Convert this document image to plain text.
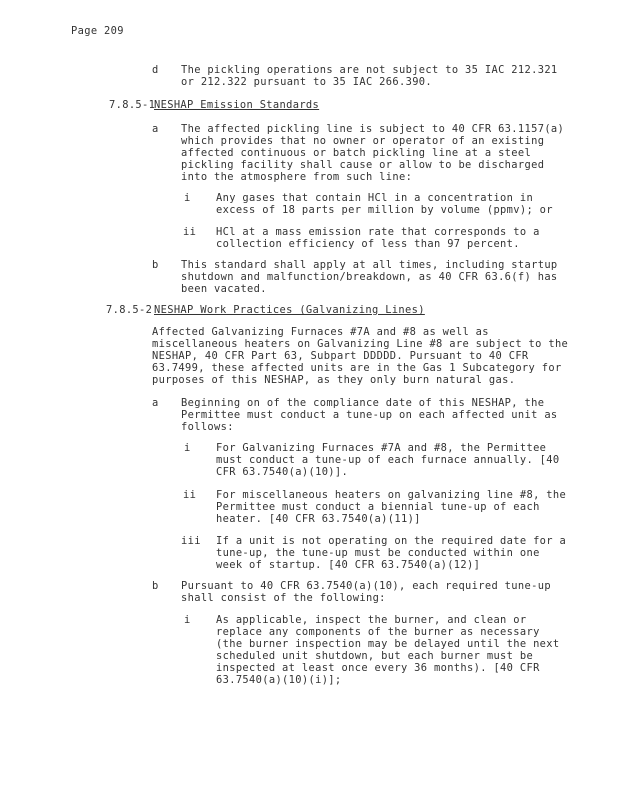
Page 209
d The pickling operations are not subject to 35 IAC 212.321
or 212.322 pursuant to 35 IAC 266.390.
7.8.5-1
NESHAP Emission Standards
a The affected pickling line is subject to 40 CFR 63.1157(a)
which provides that no owner or operator of an existing
affected continuous or batch pickling line at a steel
pickling facility shall cause or allow to be discharged
into the atmosphere from such line:
i Any gases that contain HCl in a concentration in
excess of 18 parts per million by volume (ppmv); or
ii HCl at a mass emission rate that corresponds to a
collection efficiency of less than 97 percent.
b This standard shall apply at all times, including startup
shutdown and malfunction/breakdown, as 40 CFR 63.6(f) has
been vacated.
7.8.5-2 NESHAP Work Practices (Galvanizing Lines)
Affected Galvanizing Furnaces #7A and #8 as well as
miscellaneous heaters on Galvanizing Line #8 are subject to the
NESHAP, 40 CFR Part 63, Subpart DDDDD. Pursuant to 40 CFR
63.7499, these affected units are in the Gas 1 Subcategory for
purposes of this NESHAP, as they only burn natural gas.
a Beginning on of the compliance date of this NESHAP, the
Permittee must conduct a tune-up on each affected unit as
follows:
i For Galvanizing Furnaces #7A and #8, the Permittee
must conduct a tune-up of each furnace annually. [40
CFR 63.7540(a)(10)].
ii For miscellaneous heaters on galvanizing line #8, the
Permittee must conduct a biennial tune-up of each
heater. [40 CFR 63.7540(a)(11)]
iii If a unit is not operating on the required date for a
tune-up, the tune-up must be conducted within one
week of startup. [40 CFR 63.7540(a)(12)]
b Pursuant to 40 CFR 63.7540(a)(10), each required tune-up
shall consist of the following:
i As applicable, inspect the burner, and clean or
replace any components of the burner as necessary
(the burner inspection may be delayed until the next
scheduled unit shutdown, but each burner must be
inspected at least once every 36 months). [40 CFR
63.7540(a)(10)(i)];
